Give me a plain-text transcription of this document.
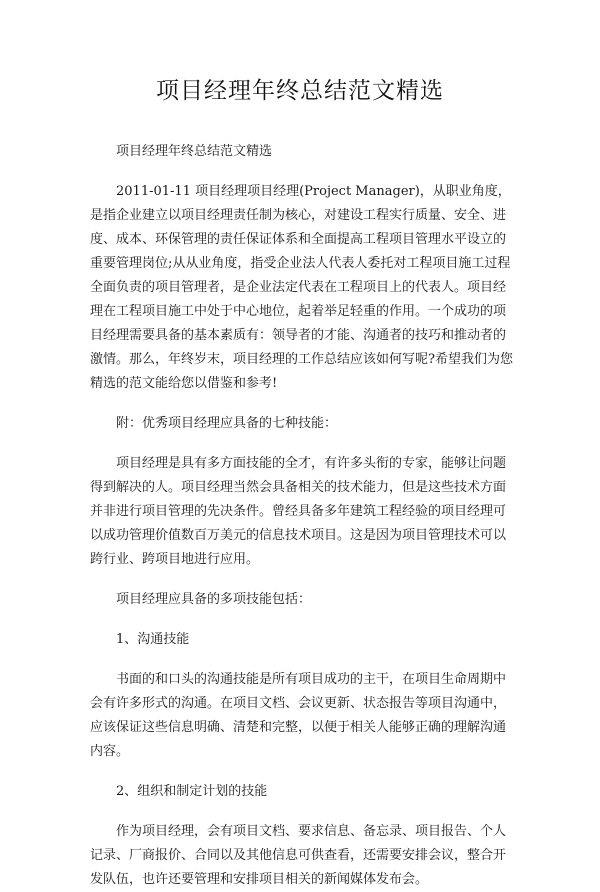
项目经理年终总结范文精选

项目经理年终总结范文精选

2011-01-11 项目经理项目经理(Project Manager)，从职业角度，是指企业建立以项目经理责任制为核心，对建设工程实行质量、安全、进度、成本、环保管理的责任保证体系和全面提高工程项目管理水平设立的重要管理岗位;从从业角度，指受企业法人代表人委托对工程项目施工过程全面负责的项目管理者，是企业法定代表在工程项目上的代表人。项目经理在工程项目施工中处于中心地位，起着举足轻重的作用。一个成功的项目经理需要具备的基本素质有：领导者的才能、沟通者的技巧和推动者的激情。那么，年终岁末，项目经理的工作总结应该如何写呢?希望我们为您精选的范文能给您以借鉴和参考!

附：优秀项目经理应具备的七种技能：

项目经理是具有多方面技能的全才，有许多头衔的专家，能够让问题得到解决的人。项目经理当然会具备相关的技术能力，但是这些技术方面并非进行项目管理的先决条件。曾经具备多年建筑工程经验的项目经理可以成功管理价值数百万美元的信息技术项目。这是因为项目管理技术可以跨行业、跨项目地进行应用。

项目经理应具备的多项技能包括：

1、沟通技能

书面的和口头的沟通技能是所有项目成功的主干，在项目生命周期中会有许多形式的沟通。在项目文档、会议更新、状态报告等项目沟通中，应该保证这些信息明确、清楚和完整，以便于相关人能够正确的理解沟通内容。

2、组织和制定计划的技能

作为项目经理，会有项目文档、要求信息、备忘录、项目报告、个人记录、厂商报价、合同以及其他信息可供查看，还需要安排会议，整合开发队伍，也许还要管理和安排项目相关的新闻媒体发布会。
